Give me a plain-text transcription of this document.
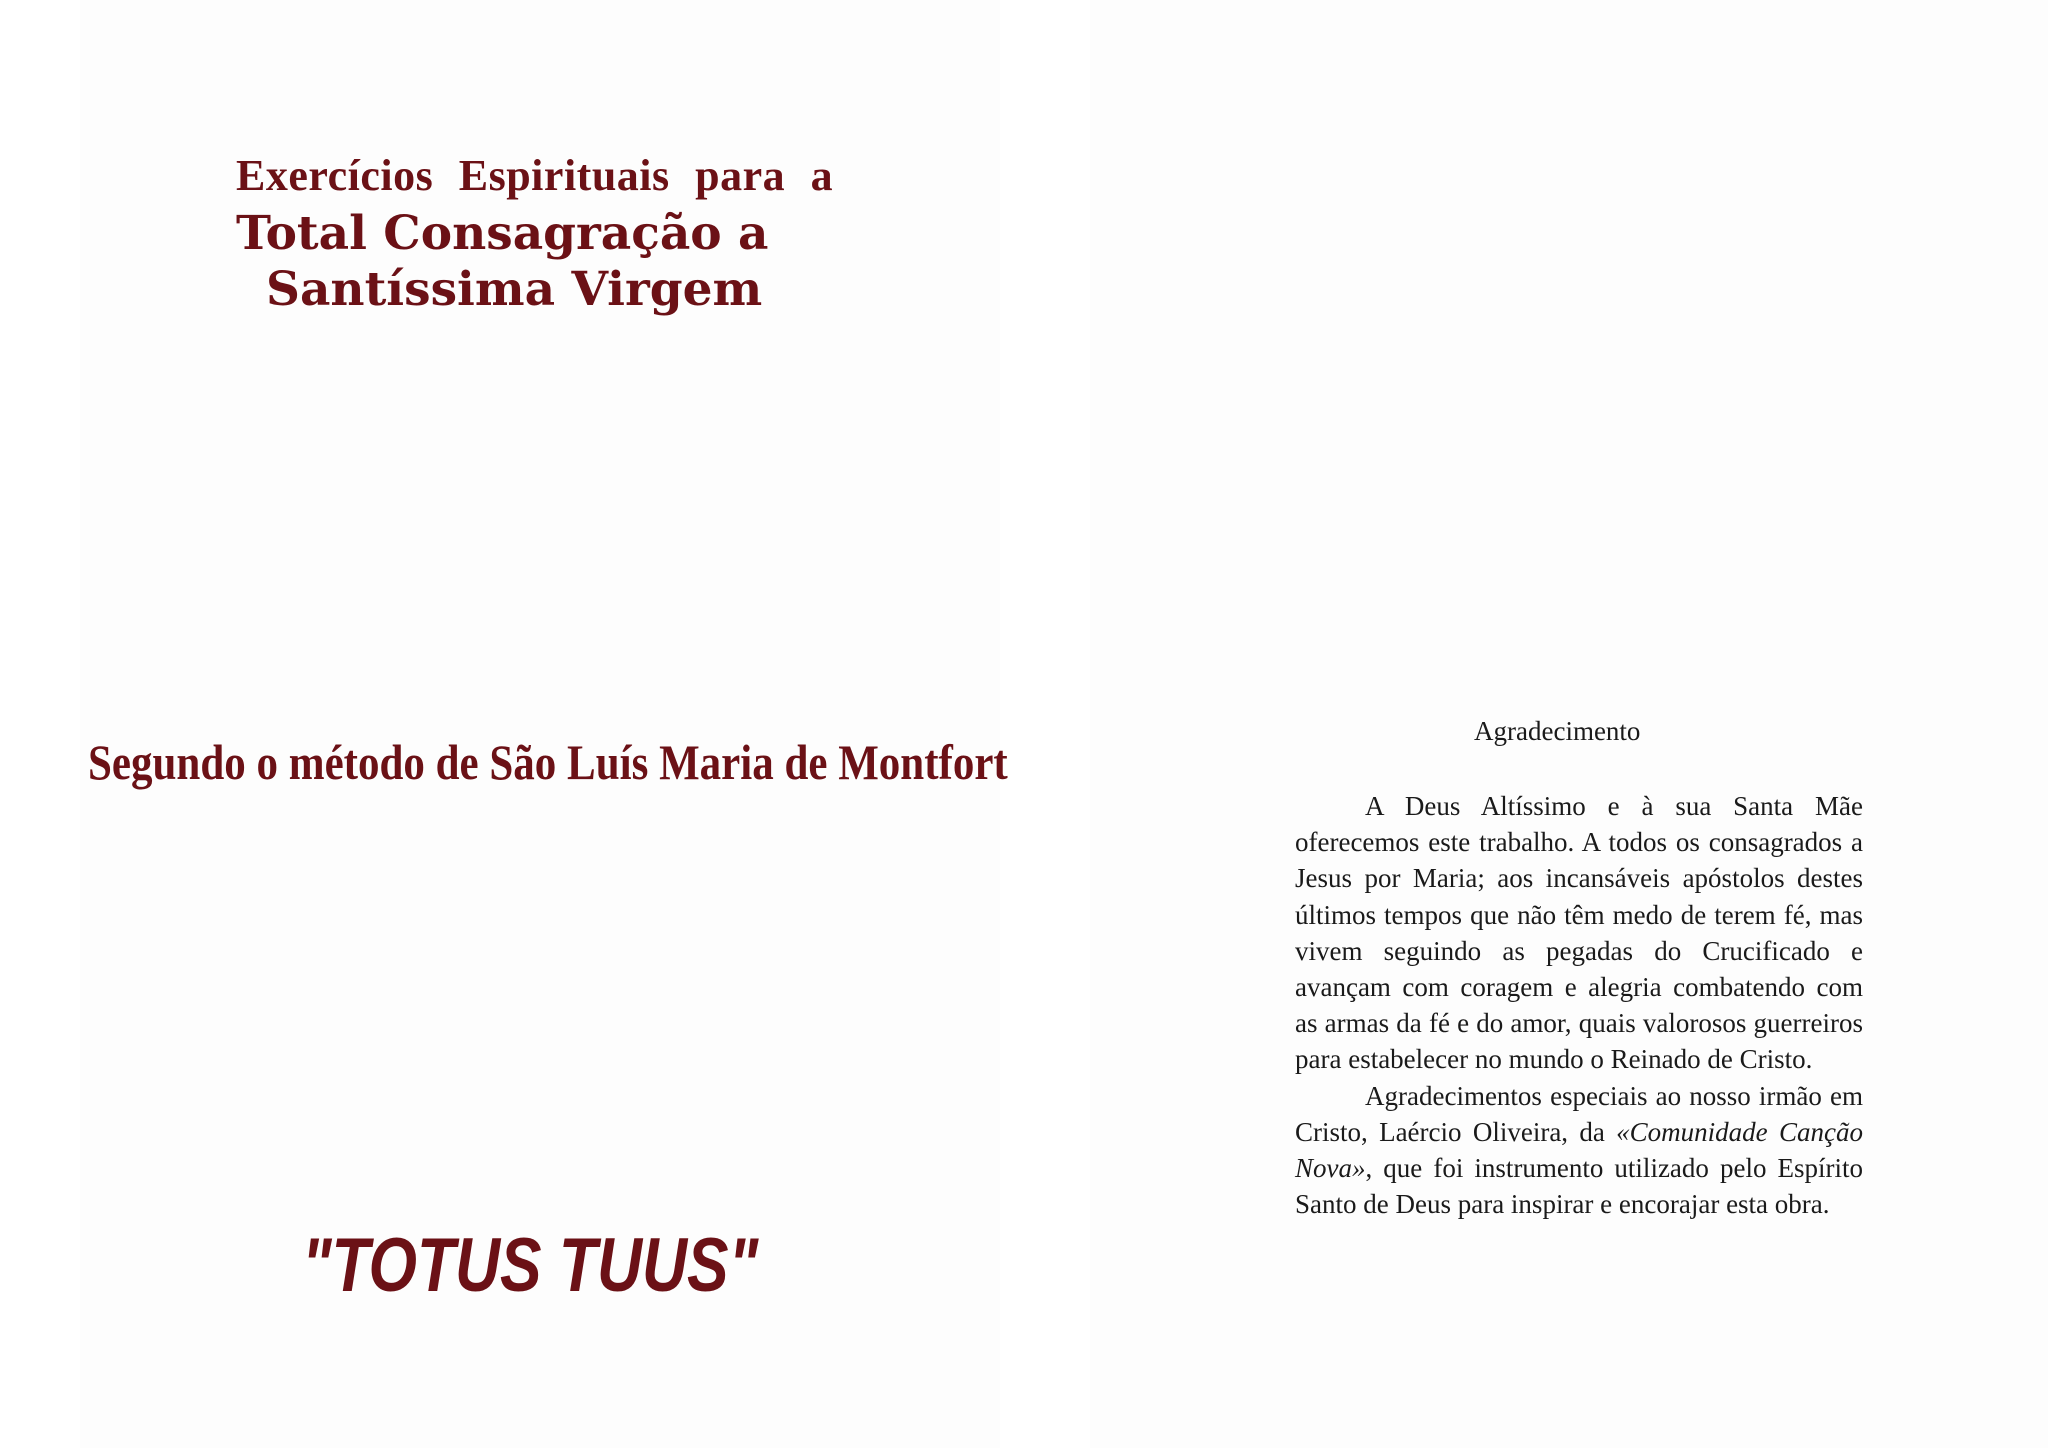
Exercícios Espirituais para a
Total Consagração a
Santíssima Virgem
Segundo o método de São Luís Maria de Montfort
"TOTUS TUUS"
Agradecimento

A Deus Altíssimo e à sua Santa Mãe oferecemos este trabalho. A todos os consagrados a Jesus por Maria; aos incansáveis apóstolos destes últimos tempos que não têm medo de terem fé, mas vivem seguindo as pegadas do Crucificado e avançam com coragem e alegria combatendo com as armas da fé e do amor, quais valorosos guerreiros para estabelecer no mundo o Reinado de Cristo.

Agradecimentos especiais ao nosso irmão em Cristo, Laércio Oliveira, da «Comunidade Canção Nova», que foi instrumento utilizado pelo Espírito Santo de Deus para inspirar e encorajar esta obra.
